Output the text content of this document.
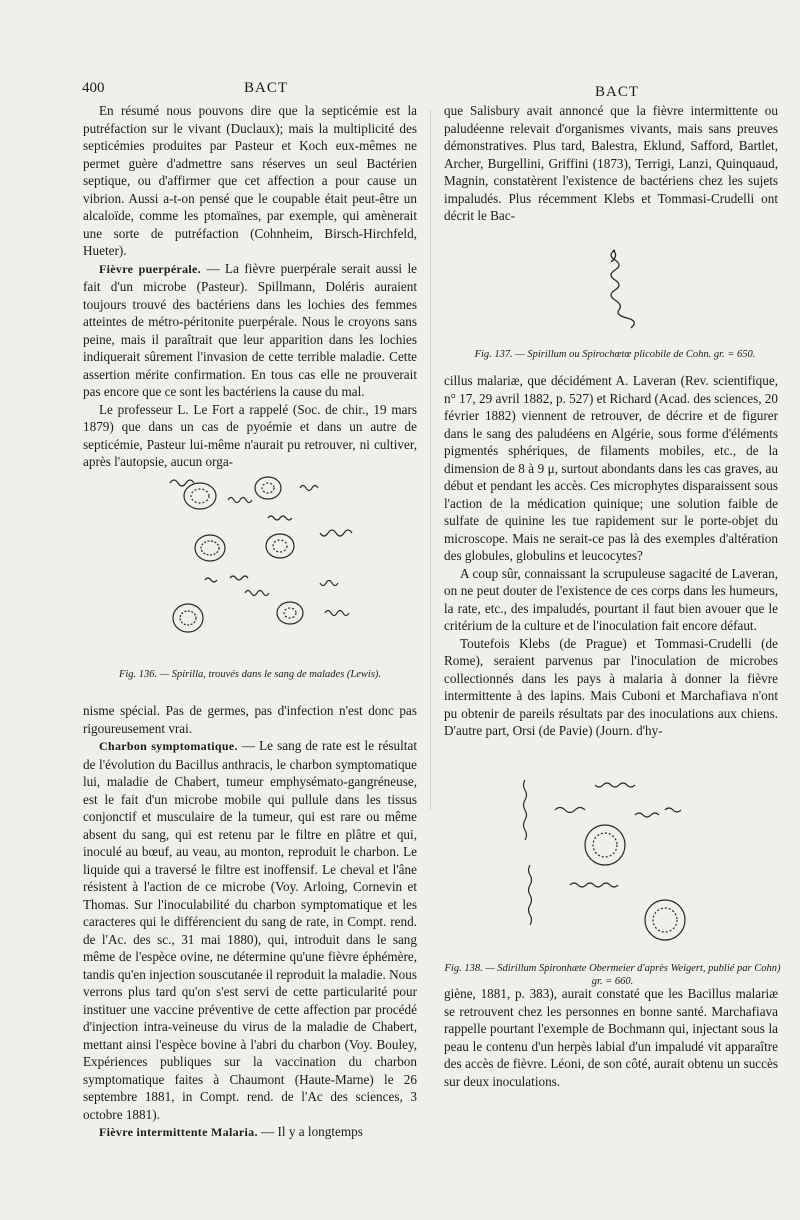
400	BACT	BACT

En résumé nous pouvons dire que la septicémie est la putréfaction sur le vivant (Duclaux); mais la multiplicité des septicémies produites par Pasteur et Koch eux-mêmes ne permet guère d'admettre sans réserves un seul Bactérien septique, ou d'affirmer que cet affection a pour cause un vibrion. Aussi a-t-on pensé que le coupable était peut-être un alcaloïde, comme les ptomaïnes, par exemple, qui amènerait une sorte de putréfaction (Cohnheim, Birsch-Hirchfeld, Hueter).

Fièvre puerpérale. — La fièvre puerpérale serait aussi le fait d'un microbe (Pasteur). Spillmann, Doléris auraient toujours trouvé des bactériens dans les lochies des femmes atteintes de métro-péritonite puerpérale. Nous le croyons sans peine, mais il paraîtrait que leur apparition dans les lochies indiquerait sûrement l'invasion de cette terrible maladie. Cette assertion mérite confirmation. En tous cas elle ne prouverait pas encore que ce sont les bactériens la cause du mal.

Le professeur L. Le Fort a rappelé (Soc. de chir., 19 mars 1879) que dans un cas de pyoémie et dans un autre de septicémie, Pasteur lui-même n'aurait pu retrouver, ni cultiver, après l'autopsie, aucun orga-

Fig. 136. — Spirilla, trouvés dans le sang de malades (Lewis).

nisme spécial. Pas de germes, pas d'infection n'est donc pas rigoureusement vrai.

Charbon symptomatique. — Le sang de rate est le résultat de l'évolution du Bacillus anthracis, le charbon symptomatique lui, maladie de Chabert, tumeur emphysémato-gangréneuse, est le fait d'un microbe mobile qui pullule dans les tissus conjonctif et musculaire de la tumeur, qui est rare ou même absent du sang, qui est retenu par le filtre en plâtre et qui, inoculé au bœuf, au veau, au monton, reproduit le charbon. Le liquide qui a traversé le filtre est inoffensif. Le cheval et l'âne résistent à l'action de ce microbe (Voy. Arloing, Cornevin et Thomas. Sur l'inoculabilité du charbon symptomatique et les caracteres qui le différencient du sang de rate, in Compt. rend. de l'Ac. des sc., 31 mai 1880), qui, introduit dans le sang même de l'espèce ovine, ne détermine qu'une fièvre éphémère, tandis qu'en injection souscutanée il reproduit la maladie. Nous verrons plus tard qu'on s'est servi de cette particularité pour instituer une vaccine préventive de cette affection par procédé d'injection intra-veineuse du virus de la maladie de Chabert, mettant ainsi l'espèce bovine à l'abri du charbon (Voy. Bouley, Expériences publiques sur la vaccination du charbon symptomatique faites à Chaumont (Haute-Marne) le 26 septembre 1881, in Compt. rend. de l'Ac des sciences, 3 octobre 1881).

Fièvre intermittente Malaria. — Il y a longtemps

que Salisbury avait annoncé que la fièvre intermittente ou paludéenne relevait d'organismes vivants, mais sans preuves démonstratives. Plus tard, Balestra, Eklund, Safford, Bartlet, Archer, Burgellini, Griffini (1873), Terrigi, Lanzi, Quinquaud, Magnin, constatèrent l'existence de bactériens chez les sujets impaludés. Plus récemment Klebs et Tommasi-Crudelli ont décrit le Bac-

Fig. 137. — Spirillum ou Spirochœtœ plicobile de Cohn. gr. = 650.

cillus malariæ, que décidément A. Laveran (Rev. scientifique, n° 17, 29 avril 1882, p. 527) et Richard (Acad. des sciences, 20 février 1882) viennent de retrouver, de décrire et de figurer dans le sang des paludéens en Algérie, sous forme d'éléments pigmentés sphériques, de filaments mobiles, etc., de la dimension de 8 à 9 μ, surtout abondants dans les cas graves, au début et pendant les accès. Ces microphytes disparaissent sous l'action de la médication quinique; une solution faible de sulfate de quinine les tue rapidement sur le porte-objet du microscope. Mais ne serait-ce pas là des exemples d'altération des globules, globulins et leucocytes?

A coup sûr, connaissant la scrupuleuse sagacité de Laveran, on ne peut douter de l'existence de ces corps dans les humeurs, la rate, etc., des impaludés, pourtant il faut bien avouer que le critérium de la culture et de l'inoculation fait encore défaut.

Toutefois Klebs (de Prague) et Tommasi-Crudelli (de Rome), seraient parvenus par l'inoculation de microbes collectionnés dans les pays à malaria à donner la fièvre intermittente à des lapins. Mais Cuboni et Marchafiava n'ont pu obtenir de pareils résultats par des inoculations aux chiens. D'autre part, Orsi (de Pavie) (Journ. d'hy-

Fig. 138. — Sdirillum Spironhæte Obermeier d'après Weigert, publié par Cohn) gr. = 660.

giène, 1881, p. 383), aurait constaté que les Bacillus malariæ se retrouvent chez les personnes en bonne santé. Marchafiava rappelle pourtant l'exemple de Bochmann qui, injectant sous la peau le contenu d'un herpès labial d'un impaludé vit apparaître des accès de fièvre. Léoni, de son côté, aurait obtenu un succès sur deux inoculations.
